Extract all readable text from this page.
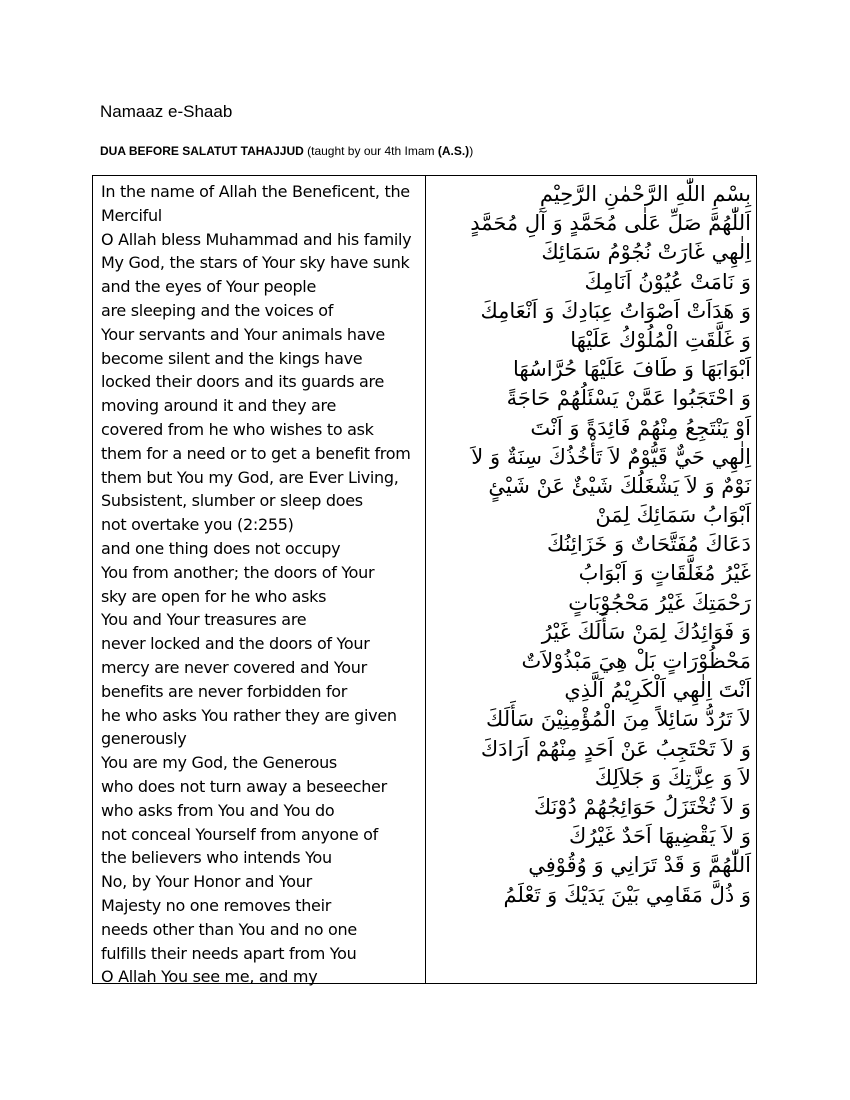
Namaaz e-Shaab
DUA BEFORE SALATUT TAHAJJUD (taught by our 4th Imam (A.S.))
In the name of Allah the Beneficent, the
Merciful
O Allah bless Muhammad and his family
My God, the stars of Your sky have sunk
and the eyes of Your people
are sleeping and the voices of
Your servants and Your animals have
become silent and the kings have
locked their doors and its guards are
moving around it and they are
covered from he who wishes to ask
them for a need or to get a benefit from
them but You my God, are Ever Living,
Subsistent, slumber or sleep does
not overtake you (2:255)
and one thing does not occupy
You from another; the doors of Your
sky are open for he who asks
You and Your treasures are
never locked and the doors of Your
mercy are never covered and Your
benefits are never forbidden for
he who asks You rather they are given
generously
You are my God, the Generous
who does not turn away a beseecher
who asks from You and You do
not conceal Yourself from anyone of
the believers who intends You
No, by Your Honor and Your
Majesty no one removes their
needs other than You and no one
fulfills their needs apart from You
O Allah You see me, and my
بِسْمِ اللّٰهِ الرَّحْمٰنِ الرَّحِيْمِ
اَللّٰهُمَّ صَلِّ عَلٰى مُحَمَّدٍ وَ آلِ مُحَمَّدٍ
اِلٰهِي غَارَتْ نُجُوْمُ سَمَائِكَ
وَ نَامَتْ عُيُوْنُ اَنَامِكَ
وَ هَدَاَتْ اَصْوَاتُ عِبَادِكَ وَ اَنْعَامِكَ
وَ غَلَّقَتِ الْمُلُوْكُ عَلَيْهَا
اَبْوَابَهَا وَ طَافَ عَلَيْهَا حُرَّاسُهَا
وَ احْتَجَبُوا عَمَّنْ يَسْئَلُهُمْ حَاجَةً
اَوْ يَنْتَجِعُ مِنْهُمْ فَائِدَةً وَ اَنْتَ
اِلٰهِي حَيٌّ قَيُّوْمٌ لاَ تَأْخُذُكَ سِنَةٌ وَ لاَ
نَوْمٌ وَ لاَ يَشْغَلُكَ شَيْئٌ عَنْ شَيْئٍ
اَبْوَابُ سَمَائِكَ لِمَنْ
دَعَاكَ مُفَتَّحَاتٌ وَ خَزَائِنُكَ
غَيْرُ مُغَلَّقَاتٍ وَ اَبْوَابُ
رَحْمَتِكَ غَيْرُ مَحْجُوْبَاتٍ
وَ فَوَائِدُكَ لِمَنْ سَأَلَكَ غَيْرُ
مَحْظُوْرَاتٍ بَلْ هِيَ مَبْذُوْلاَتٌ
اَنْتَ اِلٰهِي اَلْكَرِيْمُ اَلَّذِي
لاَ تَرُدُّ سَائِلاً مِنَ الْمُؤْمِنِيْنَ سَأَلَكَ
وَ لاَ تَحْتَجِبُ عَنْ اَحَدٍ مِنْهُمْ اَرَادَكَ
لاَ وَ عِزَّتِكَ وَ جَلاَلِكَ
وَ لاَ تُخْتَزَلُ حَوَائِجُهُمْ دُوْنَكَ
وَ لاَ يَقْضِيهَا اَحَدٌ غَيْرُكَ
اَللّٰهُمَّ وَ قَدْ تَرَانِي وَ وُقُوْفِي
وَ ذُلَّ مَقَامِي بَيْنَ يَدَيْكَ وَ تَعْلَمُ
